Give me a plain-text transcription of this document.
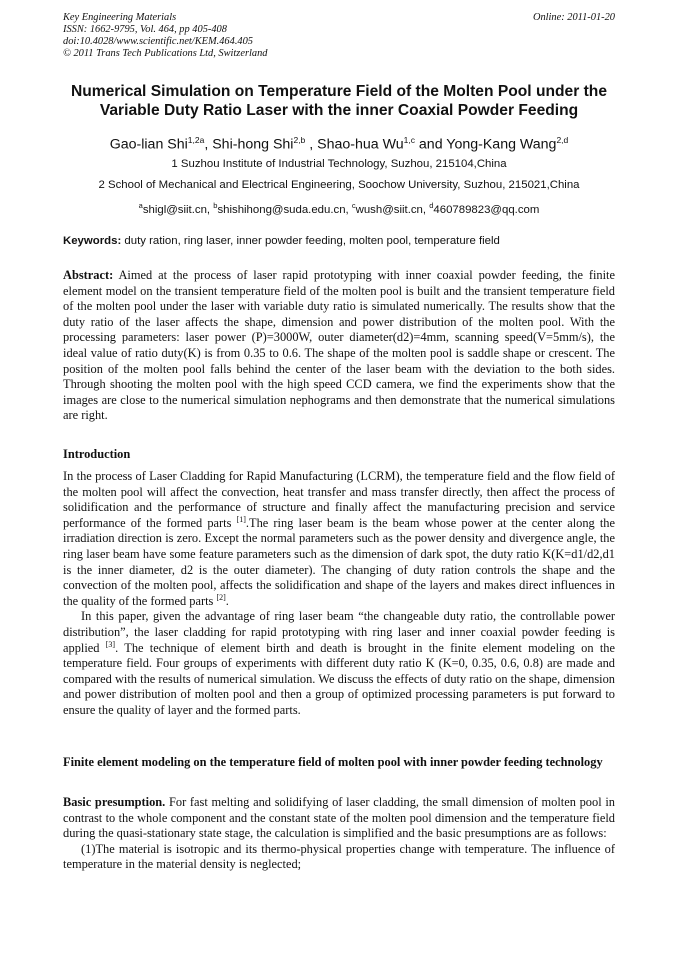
Key Engineering Materials
ISSN: 1662-9795, Vol. 464, pp 405-408
doi:10.4028/www.scientific.net/KEM.464.405
© 2011 Trans Tech Publications Ltd, Switzerland
Online: 2011-01-20
Numerical Simulation on Temperature Field of the Molten Pool under the Variable Duty Ratio Laser with the inner Coaxial Powder Feeding
Gao-lian Shi$^{1,2a}$, Shi-hong Shi$^{2,b}$ , Shao-hua Wu$^{1,c}$ and Yong-Kang Wang$^{2,d}$
1 Suzhou Institute of Industrial Technology, Suzhou, 215104,China
2 School of Mechanical and Electrical Engineering, Soochow University, Suzhou, 215021,China
$^a$shigl@siit.cn, $^b$shishihong@suda.edu.cn, $^c$wush@siit.cn, $^d$460789823@qq.com
Keywords: duty ration, ring laser, inner powder feeding, molten pool, temperature field

Abstract: Aimed at the process of laser rapid prototyping with inner coaxial powder feeding, the finite element model on the transient temperature field of the molten pool is built and the transient temperature field of the molten pool under the laser with variable duty ratio is simulated numerically. The results show that the duty ratio of the laser affects the shape, dimension and power distribution of the molten pool. With the processing parameters: laser power (P)=3000W, outer diameter(d2)=4mm, scanning speed(V=5mm/s), the ideal value of ratio duty(K) is from 0.35 to 0.6. The shape of the molten pool is saddle shape or crescent. The position of the molten pool falls behind the center of the laser beam with the deviation to the both sides. Through shooting the molten pool with the high speed CCD camera, we find the experiments show that the images are close to the numerical simulation nephograms and then demonstrate that the numerical simulations are right.

Introduction

In the process of Laser Cladding for Rapid Manufacturing (LCRM), the temperature field and the flow field of the molten pool will affect the convection, heat transfer and mass transfer directly, then affect the process of solidification and the performance of structure and finally affect the manufacturing precision and service performance of the formed parts [1].The ring laser beam is the beam whose power at the center along the irradiation direction is zero. Except the normal parameters such as the power density and divergence angle, the ring laser beam have some feature parameters such as the dimension of dark spot, the duty ratio K(K=d1/d2,d1 is the inner diameter, d2 is the outer diameter). The changing of duty ration controls the shape and the convection of the molten pool, affects the solidification and shape of the layers and makes direct influences in the quality of the formed parts [2].

In this paper, given the advantage of ring laser beam “the changeable duty ratio, the controllable power distribution”, the laser cladding for rapid prototyping with ring laser and inner coaxial powder feeding is applied [3]. The technique of element birth and death is brought in the finite element modeling on the temperature field. Four groups of experiments with different duty ratio K (K=0, 0.35, 0.6, 0.8) are made and compared with the results of numerical simulation. We discuss the effects of duty ratio on the shape, dimension and power distribution of molten pool and then a group of optimized processing parameters is put forward to ensure the quality of layer and the formed parts.

Finite element modeling on the temperature field of molten pool with inner powder feeding technology

Basic presumption. For fast melting and solidifying of laser cladding, the small dimension of molten pool in contrast to the whole component and the constant state of the molten pool dimension and the temperature field during the quasi-stationary state stage, the calculation is simplified and the basic presumptions are as follows:

(1)The material is isotropic and its thermo-physical properties change with temperature. The influence of temperature in the material density is neglected;
